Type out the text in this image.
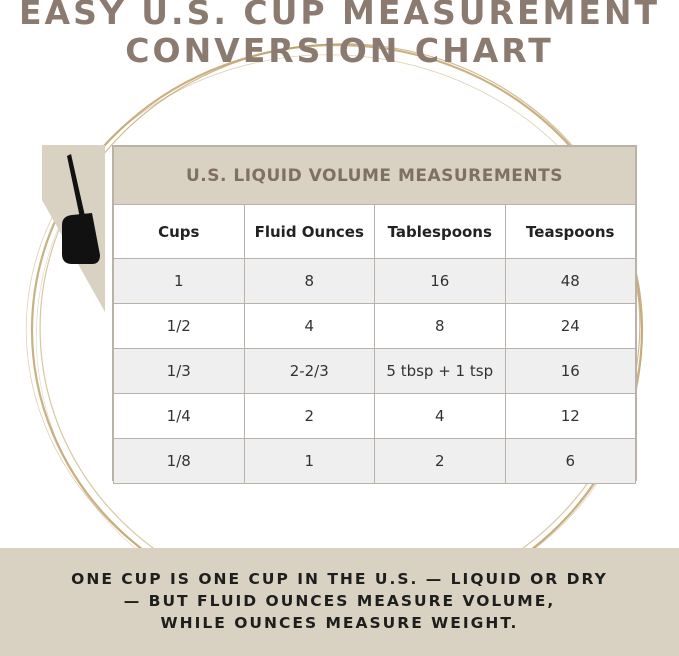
EASY U.S. CUP MEASUREMENT
CONVERSION CHART
U.S. LIQUID VOLUME MEASUREMENTS			
Cups	Fluid Ounces	Tablespoons	Teaspoons
1	8	16	48
1/2	4	8	24
1/3	2-2/3	5 tbsp + 1 tsp	16
1/4	2	4	12
1/8	1	2	6
ONE CUP IS ONE CUP IN THE U.S. — LIQUID OR DRY
— BUT FLUID OUNCES MEASURE VOLUME,
WHILE OUNCES MEASURE WEIGHT.
